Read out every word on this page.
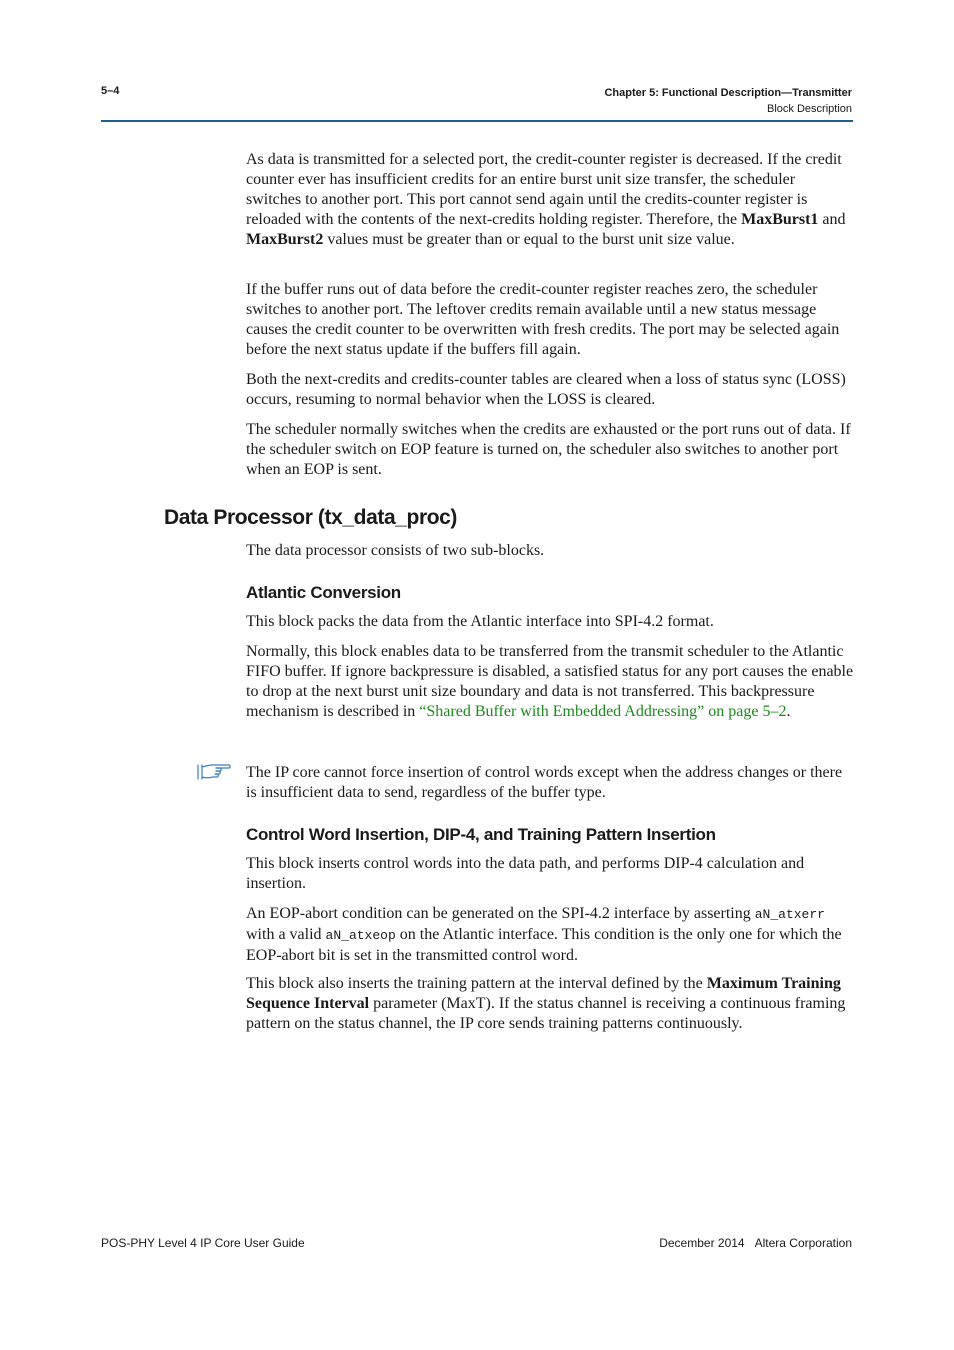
5–4	Chapter 5: Functional Description—Transmitter
Block Description

As data is transmitted for a selected port, the credit-counter register is decreased. If the credit counter ever has insufficient credits for an entire burst unit size transfer, the scheduler switches to another port. This port cannot send again until the credits-counter register is reloaded with the contents of the next-credits holding register. Therefore, the MaxBurst1 and MaxBurst2 values must be greater than or equal to the burst unit size value.

If the buffer runs out of data before the credit-counter register reaches zero, the scheduler switches to another port. The leftover credits remain available until a new status message causes the credit counter to be overwritten with fresh credits. The port may be selected again before the next status update if the buffers fill again.

Both the next-credits and credits-counter tables are cleared when a loss of status sync (LOSS) occurs, resuming to normal behavior when the LOSS is cleared.

The scheduler normally switches when the credits are exhausted or the port runs out of data. If the scheduler switch on EOP feature is turned on, the scheduler also switches to another port when an EOP is sent.

Data Processor (tx_data_proc)

The data processor consists of two sub-blocks.

Atlantic Conversion

This block packs the data from the Atlantic interface into SPI-4.2 format.

Normally, this block enables data to be transferred from the transmit scheduler to the Atlantic FIFO buffer. If ignore backpressure is disabled, a satisfied status for any port causes the enable to drop at the next burst unit size boundary and data is not transferred. This backpressure mechanism is described in “Shared Buffer with Embedded Addressing” on page 5–2.

The IP core cannot force insertion of control words except when the address changes or there is insufficient data to send, regardless of the buffer type.

Control Word Insertion, DIP-4, and Training Pattern Insertion

This block inserts control words into the data path, and performs DIP-4 calculation and insertion.

An EOP-abort condition can be generated on the SPI-4.2 interface by asserting aN_atxerr with a valid aN_atxeop on the Atlantic interface. This condition is the only one for which the EOP-abort bit is set in the transmitted control word.

This block also inserts the training pattern at the interval defined by the Maximum Training Sequence Interval parameter (MaxT). If the status channel is receiving a continuous framing pattern on the status channel, the IP core sends training patterns continuously.

POS-PHY Level 4 IP Core User Guide	December 2014 Altera Corporation
